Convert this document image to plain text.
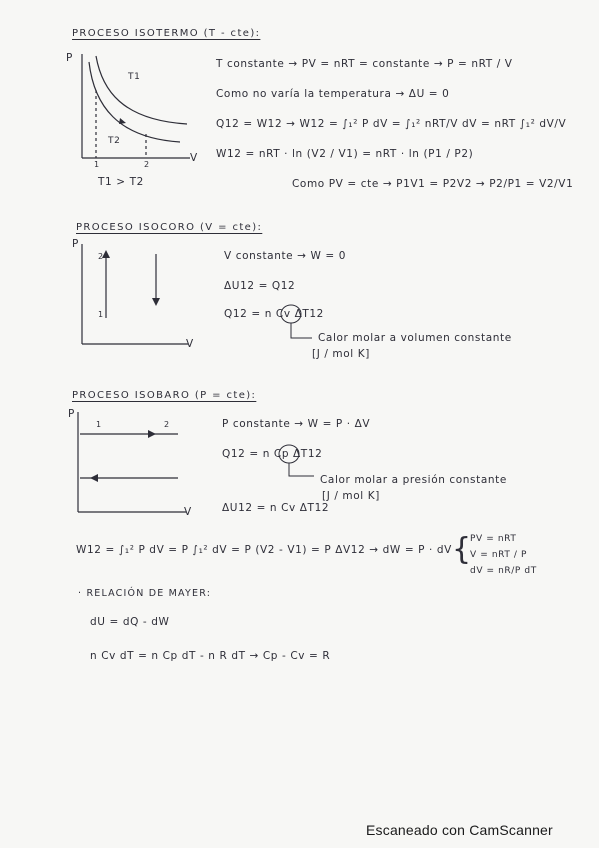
PROCESO ISOTERMO (T - cte):
P
V
T1
T2
1	2
T1 > T2
T constante → PV = nRT = constante → P = nRT / V
Como no varía la temperatura → ΔU = 0
Q12 = W12 → W12 = ∫₁² P dV = ∫₁² nRT/V dV = nRT ∫₁² dV/V
W12 = nRT · ln (V2 / V1) = nRT · ln (P1 / P2)
Como PV = cte → P1V1 = P2V2 → P2/P1 = V2/V1
PROCESO ISOCORO (V = cte):
P
V
2
1
V constante → W = 0
ΔU12 = Q12
Q12 = n Cv ΔT12
Calor molar a volumen constante
[J / mol K]
PROCESO ISOBARO (P = cte):
P
V
1	2	P constante → W = P · ΔV
Q12 = n Cp ΔT12
Calor molar a presión constante
[J / mol K]
ΔU12 = n Cv ΔT12
W12 = ∫₁² P dV = P ∫₁² dV = P (V2 - V1) = P ΔV12 → dW = P · dV {
PV = nRT
V = nRT / P
dV = nR/P dT
· RELACIÓN DE MAYER:
dU = dQ - dW
n Cv dT = n Cp dT - n R dT → Cp - Cv = R
Escaneado con CamScanner
